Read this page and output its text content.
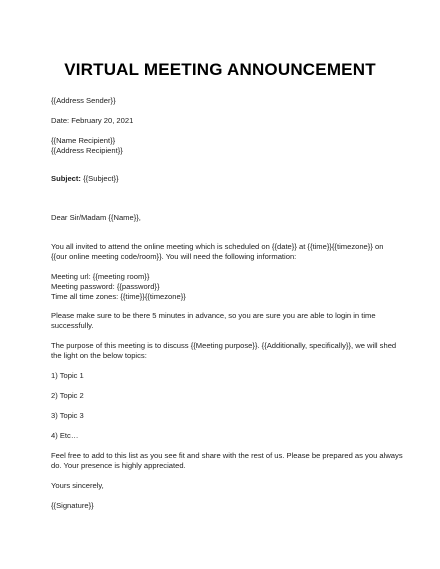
VIRTUAL MEETING ANNOUNCEMENT
{{Address Sender}}
Date: February 20, 2021
{{Name Recipient}}
{{Address Recipient}}
Subject: {{Subject}}
Dear Sir/Madam {{Name}},
You all invited to attend the online meeting which is scheduled on {{date}} at {{time}}{{timezone}} on
{{our online meeting code/room}}. You will need the following information:
Meeting url: {{meeting room}}
Meeting password: {{password}}
Time all time zones: {{time}}{{timezone}}
Please make sure to be there 5 minutes in advance, so you are sure you are able to login in time
successfully.
The purpose of this meeting is to discuss {{Meeting purpose}}. {{Additionally, specifically}}, we will shed
the light on the below topics:
1) Topic 1
2) Topic 2
3) Topic 3
4) Etc…
Feel free to add to this list as you see fit and share with the rest of us. Please be prepared as you always
do. Your presence is highly appreciated.
Yours sincerely,
{{Signature}}
